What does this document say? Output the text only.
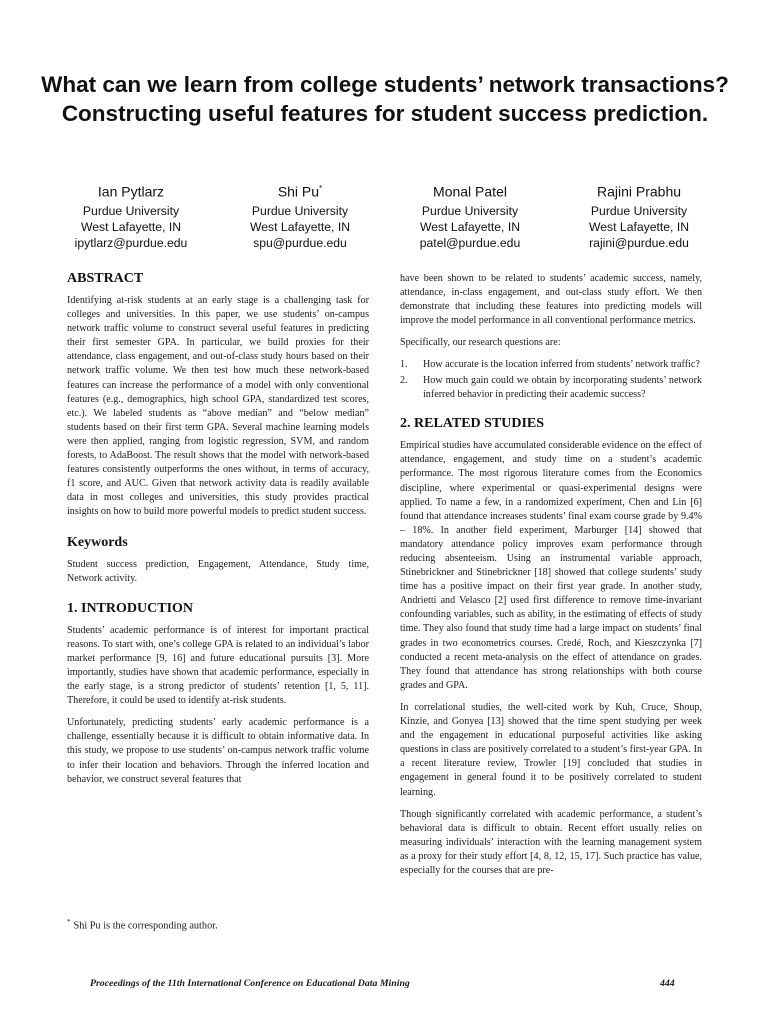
What can we learn from college students’ network transactions? Constructing useful features for student success prediction.
Ian Pytlarz
Purdue University
West Lafayette, IN
ipytlarz@purdue.edu
Shi Pu*
Purdue University
West Lafayette, IN
spu@purdue.edu
Monal Patel
Purdue University
West Lafayette, IN
patel@purdue.edu
Rajini Prabhu
Purdue University
West Lafayette, IN
rajini@purdue.edu
ABSTRACT

Identifying at-risk students at an early stage is a challenging task for colleges and universities. In this paper, we use students’ on-campus network traffic volume to construct several useful features in predicting their first semester GPA. In particular, we build proxies for their attendance, class engagement, and out-of-class study hours based on their network traffic volume. We then test how much these network-based features can increase the performance of a model with only conventional features (e.g., demographics, high school GPA, standardized test scores, etc.). We labeled students as “above median” and “below median” students based on their first term GPA. Several machine learning models were then applied, ranging from logistic regression, SVM, and random forests, to AdaBoost. The result shows that the model with network-based features consistently outperforms the ones without, in terms of accuracy, f1 score, and AUC. Given that network activity data is readily available data in most colleges and universities, this study provides practical insights on how to build more powerful models to predict student success.

Keywords

Student success prediction, Engagement, Attendance, Study time, Network activity.

1. INTRODUCTION

Students’ academic performance is of interest for important practical reasons. To start with, one’s college GPA is related to an individual’s labor market performance [9, 16] and future educational pursuits [3]. More importantly, studies have shown that academic performance, especially in the early stage, is a strong predictor of students’ retention [1, 5, 11]. Therefore, it could be used to identify at-risk students.

Unfortunately, predicting students’ early academic performance is a challenge, essentially because it is difficult to obtain informative data. In this study, we propose to use students’ on-campus network traffic volume to infer their location and behaviors. Through the inferred location and behavior, we construct several features that

have been shown to be related to students’ academic success, namely, attendance, in-class engagement, and out-class study effort. We then demonstrate that including these features into predicting models will improve the model performance in all conventional performance metrics.

Specifically, our research questions are:

1. How accurate is the location inferred from students’ network traffic?
2. How much gain could we obtain by incorporating students’ network inferred behavior in predicting their academic success?
2. RELATED STUDIES

Empirical studies have accumulated considerable evidence on the effect of attendance, engagement, and study time on a student’s academic performance. The most rigorous literature comes from the Economics discipline, where experimental or quasi-experimental designs were applied. To name a few, in a randomized experiment, Chen and Lin [6] found that attendance increases students’ final exam course grade by 9.4% – 18%. In another field experiment, Marburger [14] showed that mandatory attendance policy improves exam performance through reducing absenteeism. Using an instrumental variable approach, Stinebrickner and Stinebrickner [18] showed that college students’ study time has a positive impact on their first year grade. In another study, Andrietti and Velasco [2] used first difference to remove time-invariant confounding variables, such as ability, in the estimating of effects of study time. They also found that study time had a large impact on students’ final grades in two econometrics courses. Credé, Roch, and Kieszczynka [7] conducted a recent meta-analysis on the effect of attendance on grades. They found that attendance has strong relationships with both course grades and GPA.

In correlational studies, the well-cited work by Kuh, Cruce, Shoup, Kinzie, and Gonyea [13] showed that the time spent studying per week and the engagement in educational purposeful activities like asking questions in class are positively correlated to a student’s first-year GPA. In a recent literature review, Trowler [19] concluded that studies in engagement in general found it to be positively correlated to student learning.

Though significantly correlated with academic performance, a student’s behavioral data is difficult to obtain. Recent effort usually relies on measuring individuals’ interaction with the learning management system as a proxy for their study effort [4, 8, 12, 15, 17]. Such practice has value, especially for the courses that are pre-

* Shi Pu is the corresponding author.
Proceedings of the 11th International Conference on Educational Data Mining	444
